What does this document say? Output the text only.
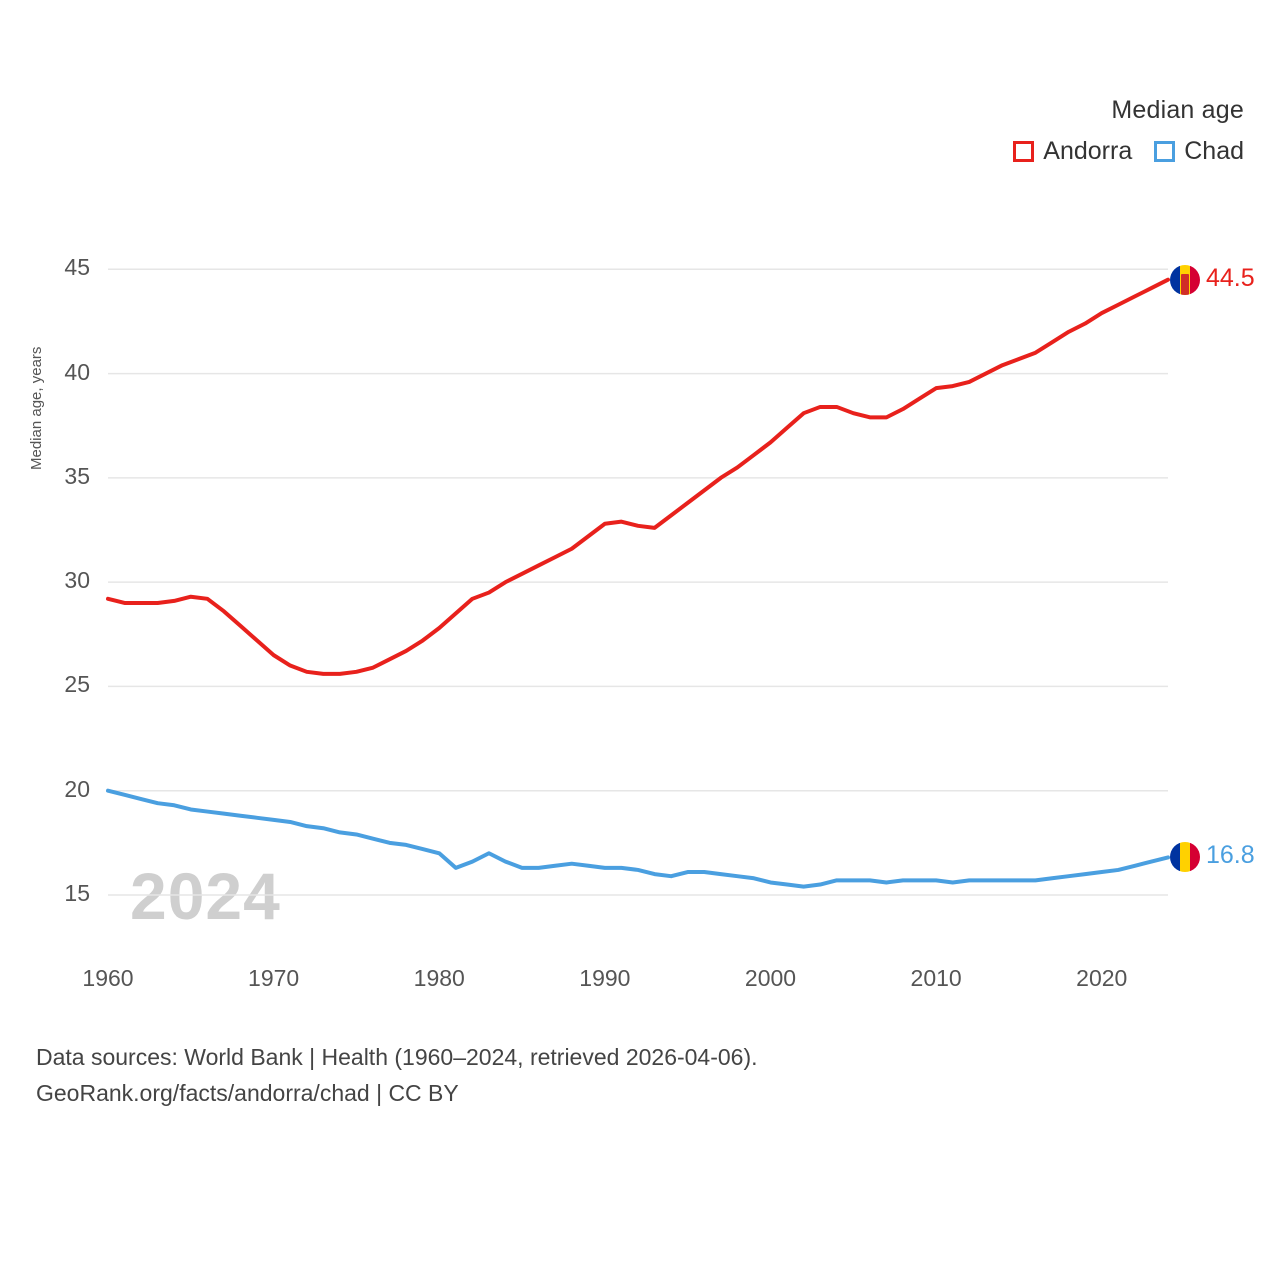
Median age
Andorra Chad
Median age, years
2024
15
20
25
30
35
40
45
1960	1970	1980	1990	2000	2010	2020
44.5
16.8
Data sources: World Bank | Health (1960–2024, retrieved 2026-04-06).
GeoRank.org/facts/andorra/chad | CC BY
